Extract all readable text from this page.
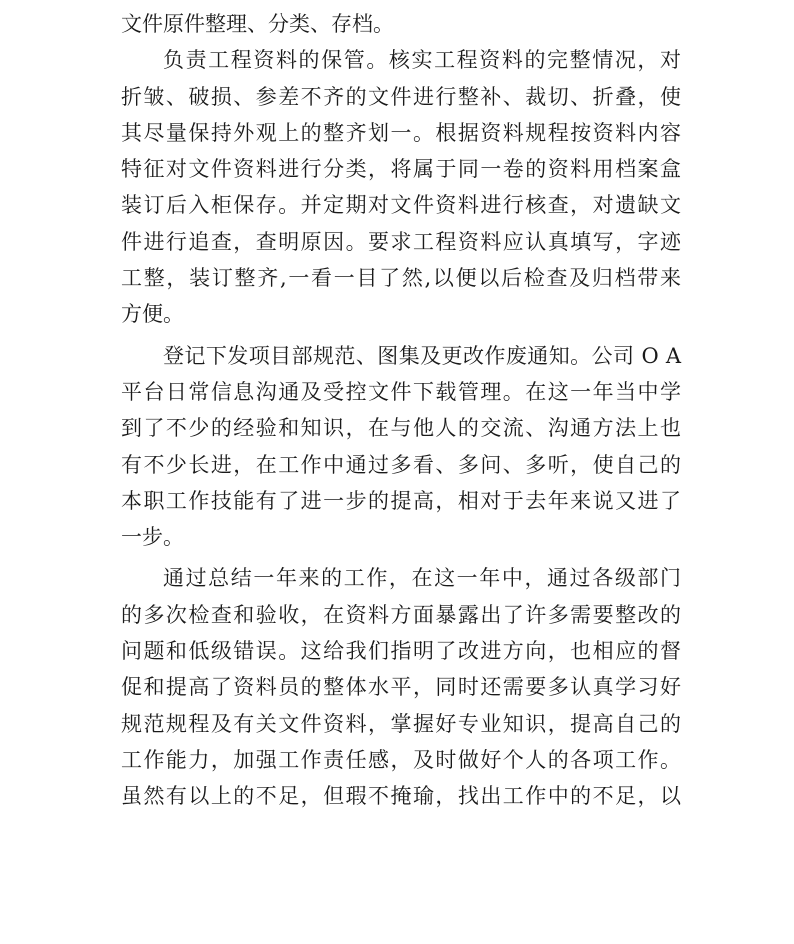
文件原件整理、分类、存档。
负责工程资料的保管。核实工程资料的完整情况，对
折皱、破损、参差不齐的文件进行整补、裁切、折叠，使
其尽量保持外观上的整齐划一。根据资料规程按资料内容
特征对文件资料进行分类，将属于同一卷的资料用档案盒
装订后入柜保存。并定期对文件资料进行核查，对遗缺文
件进行追查，查明原因。要求工程资料应认真填写，字迹
工整，装订整齐,一看一目了然,以便以后检查及归档带来
方便。
登记下发项目部规范、图集及更改作废通知。公司 O A
平台日常信息沟通及受控文件下载管理。在这一年当中学
到了不少的经验和知识，在与他人的交流、沟通方法上也
有不少长进，在工作中通过多看、多问、多听，使自己的
本职工作技能有了进一步的提高，相对于去年来说又进了
一步。
通过总结一年来的工作，在这一年中，通过各级部门
的多次检查和验收，在资料方面暴露出了许多需要整改的
问题和低级错误。这给我们指明了改进方向，也相应的督
促和提高了资料员的整体水平，同时还需要多认真学习好
规范规程及有关文件资料，掌握好专业知识，提高自己的
工作能力，加强工作责任感，及时做好个人的各项工作。
虽然有以上的不足，但瑕不掩瑜，找出工作中的不足，以
